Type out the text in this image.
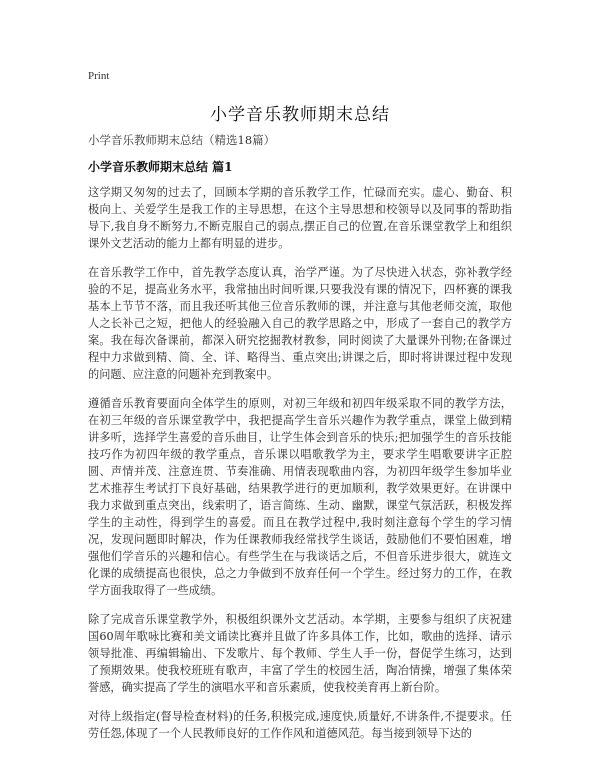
Print
小学音乐教师期末总结
小学音乐教师期末总结（精选18篇）
小学音乐教师期末总结 篇1

这学期又匆匆的过去了，回顾本学期的音乐教学工作，忙碌而充实。虚心、勤奋、积极向上、关爱学生是我工作的主导思想，在这个主导思想和校领导以及同事的帮助指导下,我自身不断努力,不断克服自己的弱点,摆正自己的位置,在音乐课堂教学上和组织课外文艺活动的能力上都有明显的进步。

在音乐教学工作中，首先教学态度认真，治学严谨。为了尽快进入状态，弥补教学经验的不足，提高业务水平，我常抽出时间听课,只要我没有课的情况下，四杯赛的课我基本上节节不落，而且我还听其他三位音乐教师的课，并注意与其他老师交流，取他人之长补己之短，把他人的经验融入自己的教学思路之中，形成了一套自己的教学方案。我在每次备课前，都深入研究挖掘教材教参，同时阅读了大量课外刊物;在备课过程中力求做到精、简、全、详、略得当、重点突出;讲课之后，即时将讲课过程中发现的问题、应注意的问题补充到教案中。

遵循音乐教育要面向全体学生的原则，对初三年级和初四年级采取不同的教学方法，在初三年级的音乐课堂教学中，我把提高学生音乐兴趣作为教学重点，课堂上做到精讲多听，选择学生喜爱的音乐曲目，让学生体会到音乐的快乐;把加强学生的音乐技能技巧作为初四年级的教学重点，音乐课以唱歌教学为主，要求学生唱歌要讲字正腔圆、声情并茂、注意连贯、节奏准确、用情表现歌曲内容，为初四年级学生参加毕业艺术推荐生考试打下良好基础，结果教学进行的更加顺利，教学效果更好。在讲课中我力求做到重点突出，线索明了，语言简练、生动、幽默，课堂气氛活跃，积极发挥学生的主动性，得到学生的喜爱。而且在教学过程中,我时刻注意每个学生的学习情况，发现问题即时解决，作为任课教师我经常找学生谈话，鼓励他们不要怕困难，增强他们学音乐的兴趣和信心。有些学生在与我谈话之后，不但音乐进步很大，就连文化课的成绩提高也很快，总之力争做到不放弃任何一个学生。经过努力的工作，在教学方面我取得了一些成绩。

除了完成音乐课堂教学外，积极组织课外文艺活动。本学期，主要参与组织了庆祝建国60周年歌咏比赛和美文诵读比赛并且做了许多具体工作，比如，歌曲的选择、请示领导批准、再编辑输出、下发歌片、每个教师、学生人手一份，督促学生练习，达到了预期效果。使我校班班有歌声，丰富了学生的校园生活，陶冶情操，增强了集体荣誉感，确实提高了学生的演唱水平和音乐素质，使我校美育再上新台阶。

对待上级指定(督导检查材料)的任务,积极完成,速度快,质量好,不讲条件,不提要求。任劳任怨,体现了一个人民教师良好的工作作风和道德风范。每当接到领导下达的
